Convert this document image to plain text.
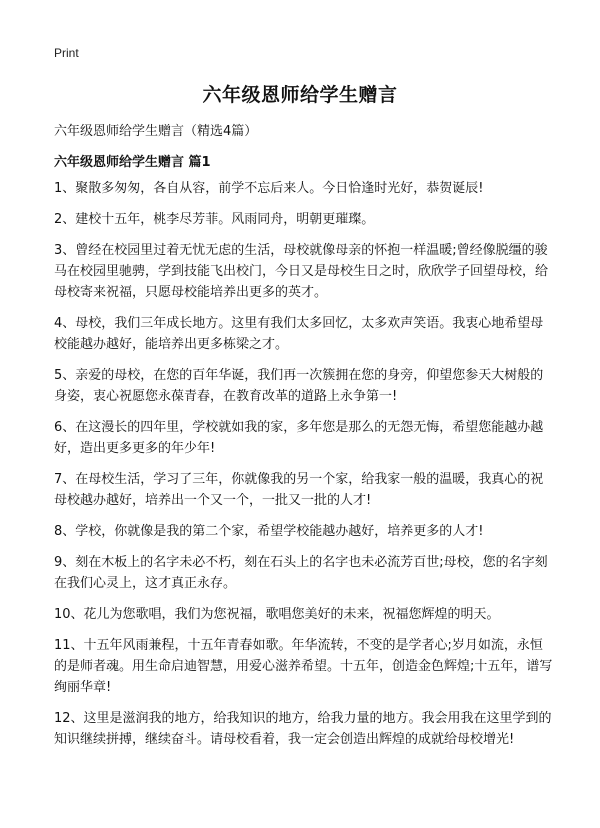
Print
六年级恩师给学生赠言

六年级恩师给学生赠言（精选4篇）

六年级恩师给学生赠言 篇1
1、聚散多匆匆，各自从容，前学不忘后来人。今日恰逢时光好，恭贺诞辰!
2、建校十五年，桃李尽芳菲。风雨同舟，明朝更璀璨。
3、曾经在校园里过着无忧无虑的生活，母校就像母亲的怀抱一样温暖;曾经像脱缰的骏马在校园里驰骋，学到技能飞出校门，今日又是母校生日之时，欣欣学子回望母校，给母校寄来祝福，只愿母校能培养出更多的英才。
4、母校，我们三年成长地方。这里有我们太多回忆，太多欢声笑语。我衷心地希望母校能越办越好，能培养出更多栋梁之才。
5、亲爱的母校，在您的百年华诞，我们再一次簇拥在您的身旁，仰望您参天大树般的身姿，衷心祝愿您永葆青春，在教育改革的道路上永争第一!
6、在这漫长的四年里，学校就如我的家，多年您是那么的无怨无悔，希望您能越办越好，造出更多更多的年少年!
7、在母校生活，学习了三年，你就像我的另一个家，给我家一般的温暖，我真心的祝母校越办越好，培养出一个又一个，一批又一批的人才!
8、学校，你就像是我的第二个家，希望学校能越办越好，培养更多的人才!
9、刻在木板上的名字未必不朽，刻在石头上的名字也未必流芳百世;母校，您的名字刻在我们心灵上，这才真正永存。
10、花儿为您歌唱，我们为您祝福，歌唱您美好的未来，祝福您辉煌的明天。
11、十五年风雨兼程，十五年青春如歌。年华流转，不变的是学者心;岁月如流，永恒的是师者魂。用生命启迪智慧，用爱心滋养希望。十五年，创造金色辉煌;十五年，谱写绚丽华章!
12、这里是滋润我的地方，给我知识的地方，给我力量的地方。我会用我在这里学到的知识继续拼搏，继续奋斗。请母校看着，我一定会创造出辉煌的成就给母校增光!
